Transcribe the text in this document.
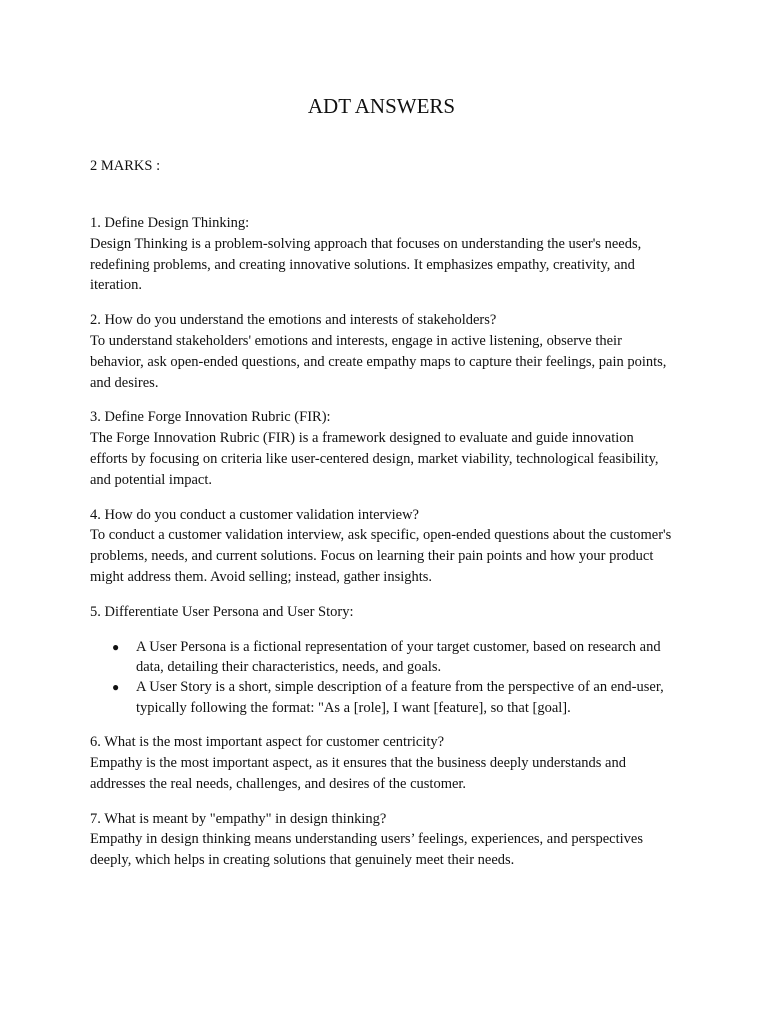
ADT ANSWERS
2 MARKS :
1. Define Design Thinking:
Design Thinking is a problem-solving approach that focuses on understanding the user's needs, redefining problems, and creating innovative solutions. It emphasizes empathy, creativity, and iteration.
2. How do you understand the emotions and interests of stakeholders?
To understand stakeholders' emotions and interests, engage in active listening, observe their behavior, ask open-ended questions, and create empathy maps to capture their feelings, pain points, and desires.
3. Define Forge Innovation Rubric (FIR):
The Forge Innovation Rubric (FIR) is a framework designed to evaluate and guide innovation efforts by focusing on criteria like user-centered design, market viability, technological feasibility, and potential impact.
4. How do you conduct a customer validation interview?
To conduct a customer validation interview, ask specific, open-ended questions about the customer's problems, needs, and current solutions. Focus on learning their pain points and how your product might address them. Avoid selling; instead, gather insights.
5. Differentiate User Persona and User Story:
● A User Persona is a fictional representation of your target customer, based on research and data, detailing their characteristics, needs, and goals.
● A User Story is a short, simple description of a feature from the perspective of an end-user, typically following the format: "As a [role], I want [feature], so that [goal].
6. What is the most important aspect for customer centricity?
Empathy is the most important aspect, as it ensures that the business deeply understands and addresses the real needs, challenges, and desires of the customer.
7. What is meant by "empathy" in design thinking?
Empathy in design thinking means understanding users’ feelings, experiences, and perspectives deeply, which helps in creating solutions that genuinely meet their needs.
